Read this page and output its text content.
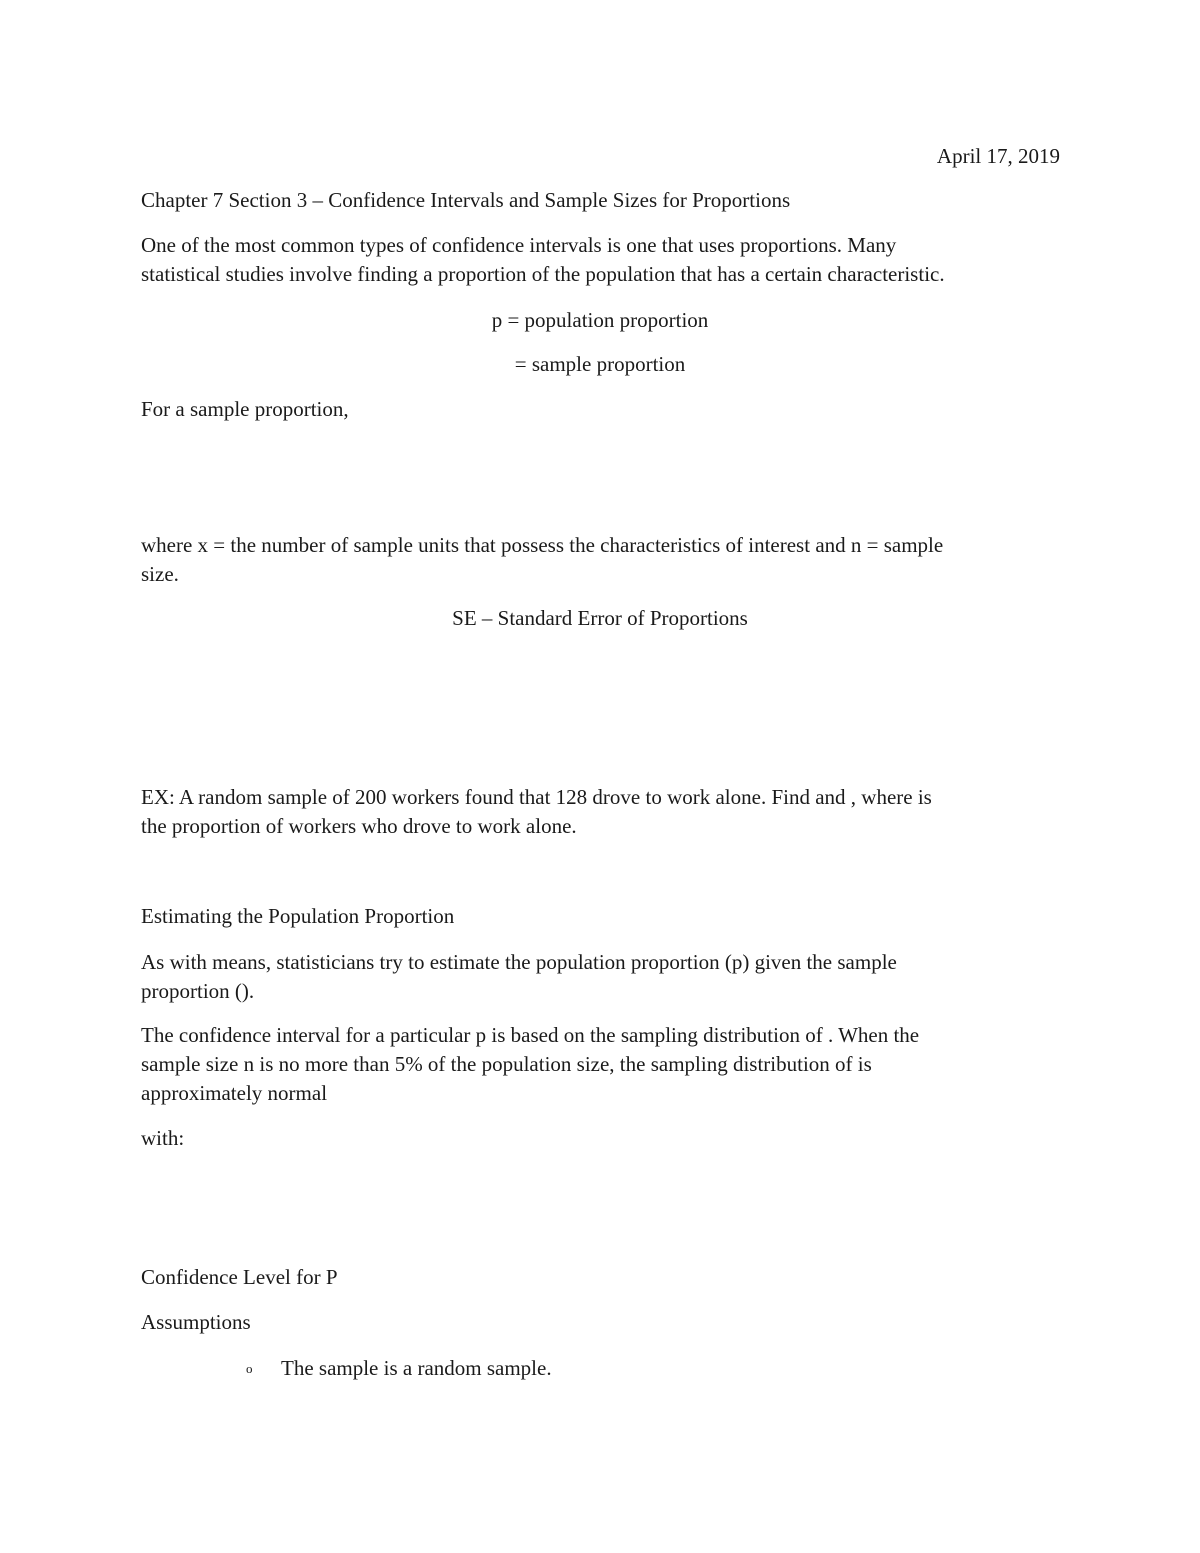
April 17, 2019
Chapter 7 Section 3 – Confidence Intervals and Sample Sizes for Proportions
One of the most common types of confidence intervals is one that uses proportions. Many
statistical studies involve finding a proportion of the population that has a certain characteristic.
p = population proportion
= sample proportion
For a sample proportion,
where x = the number of sample units that possess the characteristics of interest and n = sample
size.
SE – Standard Error of Proportions
EX: A random sample of 200 workers found that 128 drove to work alone. Find and , where is
the proportion of workers who drove to work alone.
Estimating the Population Proportion
As with means, statisticians try to estimate the population proportion (p) given the sample
proportion ().
The confidence interval for a particular p is based on the sampling distribution of . When the
sample size n is no more than 5% of the population size, the sampling distribution of is
approximately normal
with:
Confidence Level for P
Assumptions
o The sample is a random sample.
